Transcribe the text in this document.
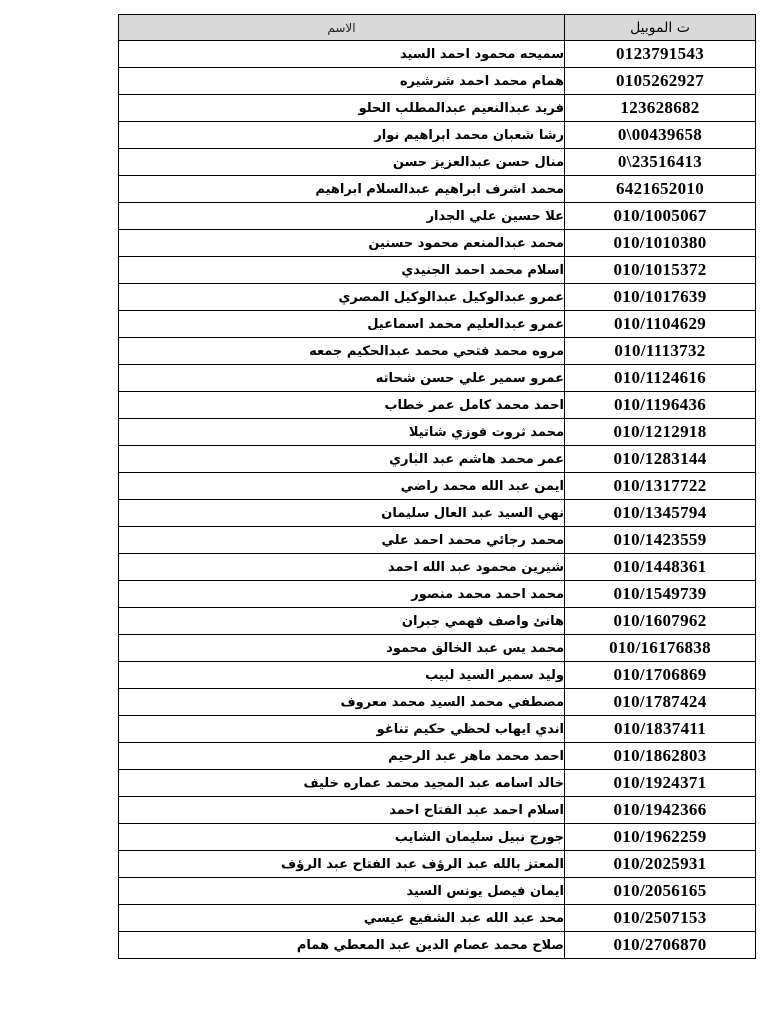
الاسم	ت الموبيل
سميحه محمود احمد السيد	0123791543
همام محمد احمد شرشيره	0105262927
فريد عبدالنعيم عبدالمطلب الحلو	123628682
رشا شعبان محمد ابراهيم نوار	0\00439658
منال حسن عبدالعزيز حسن	0\23516413
محمد اشرف ابراهيم عبدالسلام ابراهيم	6421652010
علا حسين علي الجدار	010/1005067
محمد عبدالمنعم محمود حسنين	010/1010380
اسلام محمد احمد الجنيدي	010/1015372
عمرو عبدالوكيل عبدالوكيل المصري	010/1017639
عمرو عبدالعليم محمد اسماعيل	010/1104629
مروه محمد فتحي محمد عبدالحكيم جمعه	010/1113732
عمرو سمير علي حسن شحاته	010/1124616
احمد محمد كامل عمر خطاب	010/1196436
محمد ثروت فوزي شاتيلا	010/1212918
عمر محمد هاشم عبد الباري	010/1283144
ايمن عبد الله محمد راضي	010/1317722
نهي السيد عبد العال سليمان	010/1345794
محمد رجائي محمد احمد علي	010/1423559
شيرين محمود عبد الله احمد	010/1448361
محمد احمد محمد منصور	010/1549739
هانئ واصف فهمي جبران	010/1607962
محمد يس عبد الخالق محمود	010/16176838
وليد سمير السيد لبيب	010/1706869
مصطفي محمد السيد محمد معروف	010/1787424
اندي ايهاب لحظي حكيم تناغو	010/1837411
احمد محمد ماهر عبد الرحيم	010/1862803
خالد اسامه عبد المجيد محمد عماره خليف	010/1924371
اسلام احمد عبد الفتاح احمد	010/1942366
جورج نبيل سليمان الشايب	010/1962259
المعتز بالله عبد الرؤف عبد الفتاح عبد الرؤف	010/2025931
ايمان فيصل يونس السيد	010/2056165
محد عبد الله عبد الشفيع عيسي	010/2507153
صلاح محمد عصام الدين عبد المعطي همام	010/2706870
